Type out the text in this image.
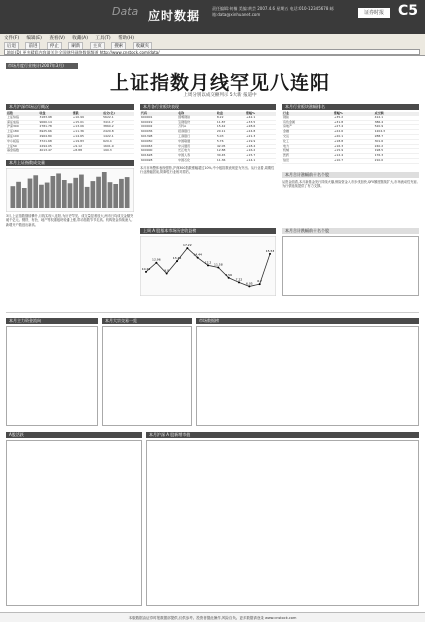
Data 应时数据
责任编辑:何楠 美编:黄芸 2007.4.6 星期五 电话:010-12345678 邮箱:data@xinhuanet.com	证券时报	C5
文件(F) 编辑(E) 查看(V) 收藏(A) 工具(T) 帮助(H)
后退	前进	停止	刷新	主页	搜索	收藏夹
地址(D) 更多精彩内容请关注全国财经网络数据频道 http://www.cnstock.com/data/
市场月度行业统计(2007年3月)
上证指数月线罕见八连阳
上周分别以成交额列示 5大新 报道中
本月沪深市场运行概况
指数	收盘	涨跌	成交(亿)
上证综指	3183.98	+10.99	5622.1
深证成指	9060.14	+15.01	3411.7
沪深300	2781.78	+13.06	3860.2
上证180	6925.66	+11.36	2420.8
深证100	2964.80	+14.65	1422.1
中小板指	3721.68	+19.83	620.4
上证50	2294.05	+9.12	1601.9
基金指数	4013.47	+8.88	190.3
本月上证指数成交量
3月,上证指数继续攀升,月线实现八连阳,为历史罕见。成交量显著放大,两市日均成交金额突破千亿元。钢铁、有色、地产等权重板块轮番上涨,带动指数节节走高。机构资金持续流入,新增开户数创出新高。
本月各行业板块表现
代码	名称	收盘	涨幅%
600001	邯郸钢铁	8.22	+42.1
600019	宝钢股份	11.87	+33.5
000002	万科A	15.42	+28.6
600036	招商银行	20.11	+24.8
601398	工商银行	5.03	+21.3
600050	中国联通	5.76	+19.9
000063	中兴通讯	42.05	+18.4
600900	长江电力	12.88	+16.2
601628	中国人寿	30.45	+15.7
600028	中国石化	11.36	+14.1
本月市场整体表现强势,沪深300指数涨幅超过10%,中小板指数表现更为突出。从行业看,周期性行业涨幅居前,防御性行业相对滞后。
上周 A 股基本市场历史收益榜
10.29
12.96
9.8
13.44
17.22
14.44
12.2
11.58
8.56
7.22
6.05
6.7
15.53
本月行业板块涨幅排名
行业	涨幅%	成交额
钢铁	+35.2	412.1
有色金属	+31.8	386.4
房地产	+27.4	520.9
金融	+22.6	1204.3
交运	+20.1	288.7
化工	+18.8	301.6
电力	+16.3	240.2
机械	+15.9	198.5
医药	+12.4	176.3
信息	+10.7	210.0
本月合计涨幅前十名个股
从资金面看,本月新基金发行持续火爆,保险资金入市步伐加快,QFII额度继续扩大,市场流动性充裕,为行情延续提供了有力支撑。
本月合计跌幅前十名个股
本月主力资金流向	本月大宗交易一览	市场数据榜
A股活跃	本月沪深 A 股新增市值
本版数据由证券时报数据部提供,仅供参考。投资者据此操作,风险自负。更多数据请登录 www.cnstock.com
